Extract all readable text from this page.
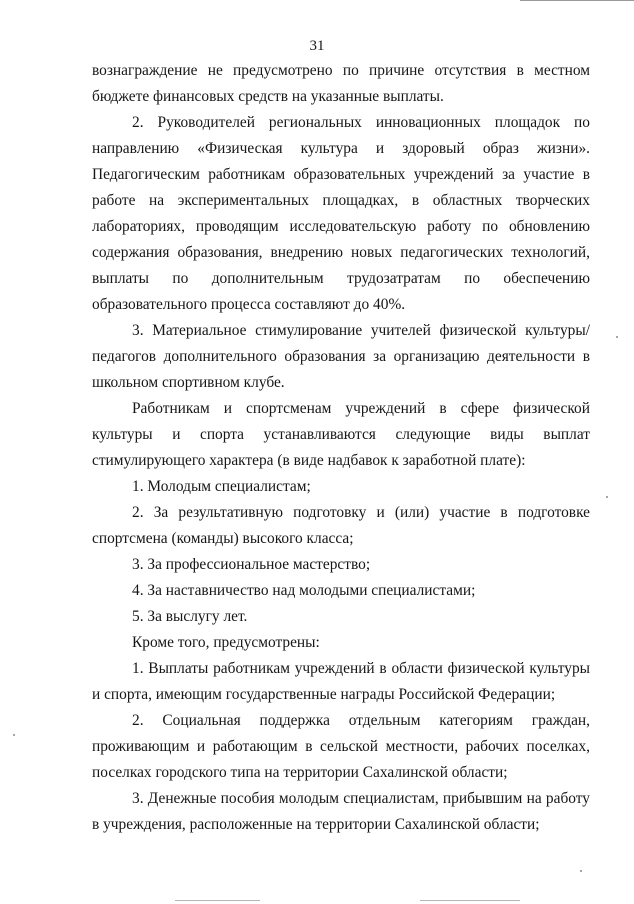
31

вознаграждение не предусмотрено по причине отсутствия в местном бюджете финансовых средств на указанные выплаты.

2. Руководителей региональных инновационных площадок по направлению «Физическая культура и здоровый образ жизни». Педагогическим работникам образовательных учреждений за участие в работе на экспериментальных площадках, в областных творческих лабораториях, проводящим исследовательскую работу по обновлению содержания образования, внедрению новых педагогических технологий, выплаты по дополнительным трудозатратам по обеспечению образовательного процесса составляют до 40%.

3. Материальное стимулирование учителей физической культуры/педагогов дополнительного образования за организацию деятельности в школьном спортивном клубе.

Работникам и спортсменам учреждений в сфере физической культуры и спорта устанавливаются следующие виды выплат стимулирующего характера (в виде надбавок к заработной плате):

1. Молодым специалистам;

2. За результативную подготовку и (или) участие в подготовке спортсмена (команды) высокого класса;

3. За профессиональное мастерство;

4. За наставничество над молодыми специалистами;

5. За выслугу лет.

Кроме того, предусмотрены:

1. Выплаты работникам учреждений в области физической культуры и спорта, имеющим государственные награды Российской Федерации;

2. Социальная поддержка отдельным категориям граждан, проживающим и работающим в сельской местности, рабочих поселках, поселках городского типа на территории Сахалинской области;

3. Денежные пособия молодым специалистам, прибывшим на работу в учреждения, расположенные на территории Сахалинской области;
